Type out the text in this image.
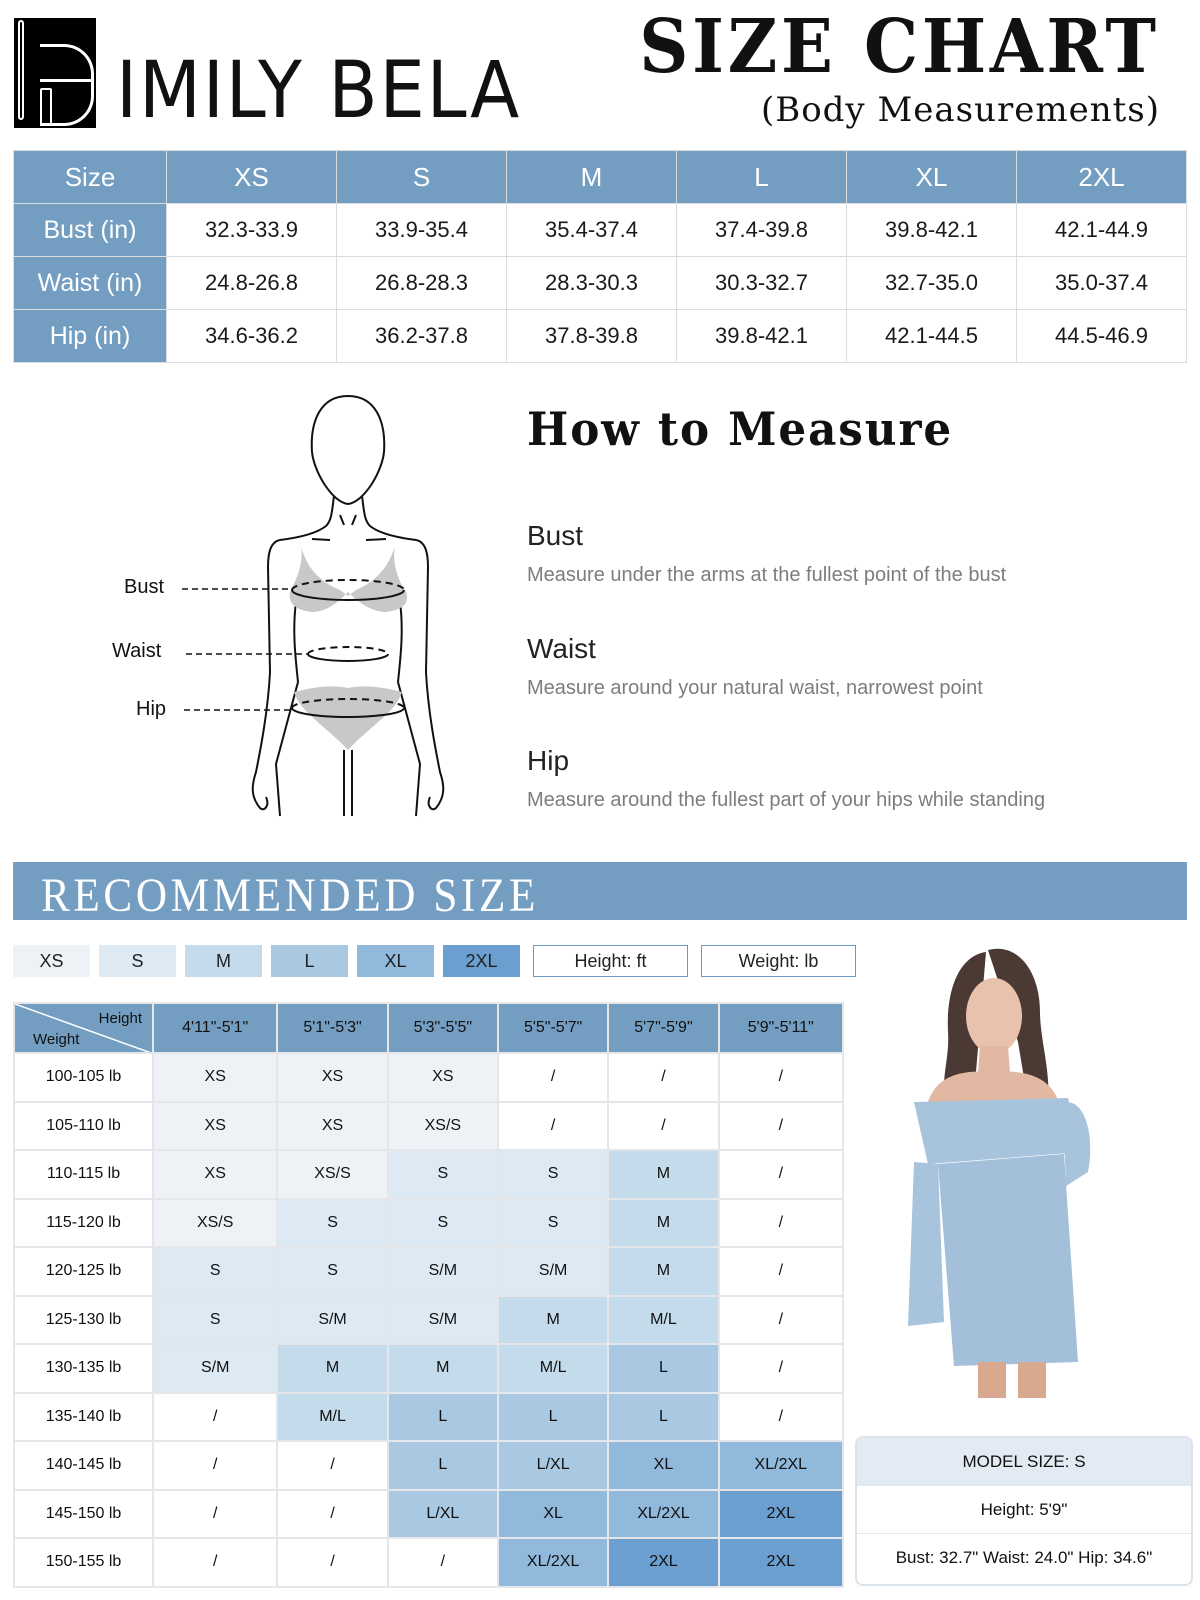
IMILY BELA SIZE CHART
(Body Measurements)
Size	XS	S	M	L	XL	2XL
Bust (in)	32.3-33.9	33.9-35.4	35.4-37.4	37.4-39.8	39.8-42.1	42.1-44.9
Waist (in)	24.8-26.8	26.8-28.3	28.3-30.3	30.3-32.7	32.7-35.0	35.0-37.4
Hip (in)	34.6-36.2	36.2-37.8	37.8-39.8	39.8-42.1	42.1-44.5	44.5-46.9
Bust
Waist
Hip
How to Measure
Bust
Measure under the arms at the fullest point of the bust
Waist
Measure around your natural waist, narrowest point
Hip
Measure around the fullest part of your hips while standing
RECOMMENDED SIZE
XS	S	M	L	XL	2XL	Height: ft	Weight: lb
Height
Weight	4'11"-5'1"	5'1"-5'3"	5'3"-5'5"	5'5"-5'7"	5'7"-5'9"	5'9"-5'11"
100-105 lb	XS	XS	XS	/	/	/
105-110 lb	XS	XS	XS/S	/	/	/
110-115 lb	XS	XS/S	S	S	M	/
115-120 lb	XS/S	S	S	S	M	/
120-125 lb	S	S	S/M	S/M	M	/
125-130 lb	S	S/M	S/M	M	M/L	/
130-135 lb	S/M	M	M	M/L	L	/
135-140 lb	/	M/L	L	L	L	/
140-145 lb	/	/	L	L/XL	XL	XL/2XL
145-150 lb	/	/	L/XL	XL	XL/2XL	2XL
150-155 lb	/	/	/	XL/2XL	2XL	2XL
MODEL SIZE: S
Height: 5'9"
Bust: 32.7" Waist: 24.0" Hip: 34.6"
